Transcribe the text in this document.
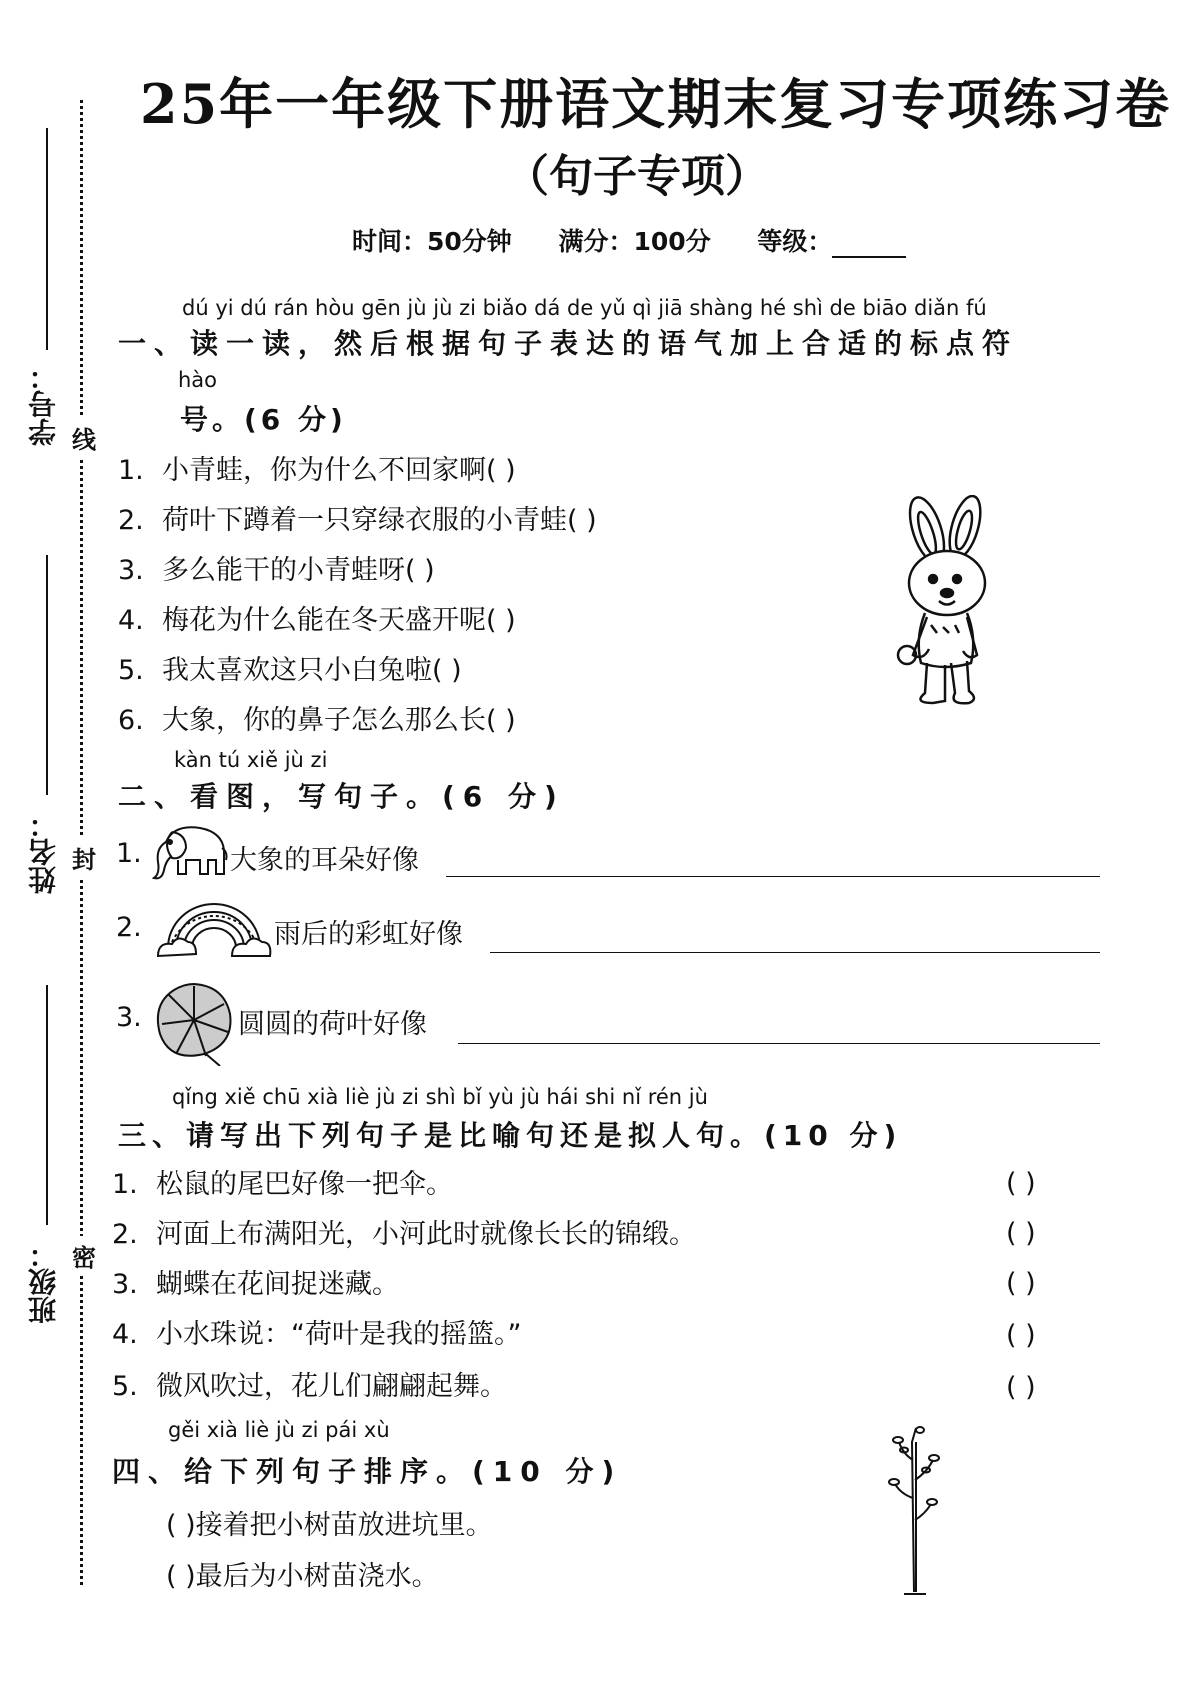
学号：
姓名：
班级：
线
封
密
25年一年级下册语文期末复习专项练习卷
（句子专项）
时间：50分钟 满分：100分 等级：
dú yi dú rán hòu gēn jù jù zi biǎo dá de yǔ qì jiā shàng hé shì de biāo diǎn fú
一、读一读，然后根据句子表达的语气加上合适的标点符
hào
号。(6 分)
1. 小青蛙，你为什么不回家啊( )
2. 荷叶下蹲着一只穿绿衣服的小青蛙( )
3. 多么能干的小青蛙呀( )
4. 梅花为什么能在冬天盛开呢( )
5. 我太喜欢这只小白兔啦( )
6. 大象，你的鼻子怎么那么长( )
kàn tú xiě jù zi
二、看图，写句子。(6 分)
1.	大象的耳朵好像
2.	雨后的彩虹好像
3.	圆圆的荷叶好像
qǐng xiě chū xià liè jù zi shì bǐ yù jù hái shi nǐ rén jù
三、请写出下列句子是比喻句还是拟人句。(10 分)
1. 松鼠的尾巴好像一把伞。	( )
2. 河面上布满阳光，小河此时就像长长的锦缎。	( )
3. 蝴蝶在花间捉迷藏。	( )
4. 小水珠说：“荷叶是我的摇篮。”	( )
5. 微风吹过，花儿们翩翩起舞。	( )
gěi xià liè jù zi pái xù
四、给下列句子排序。(10 分)
( )接着把小树苗放进坑里。
( )最后为小树苗浇水。
